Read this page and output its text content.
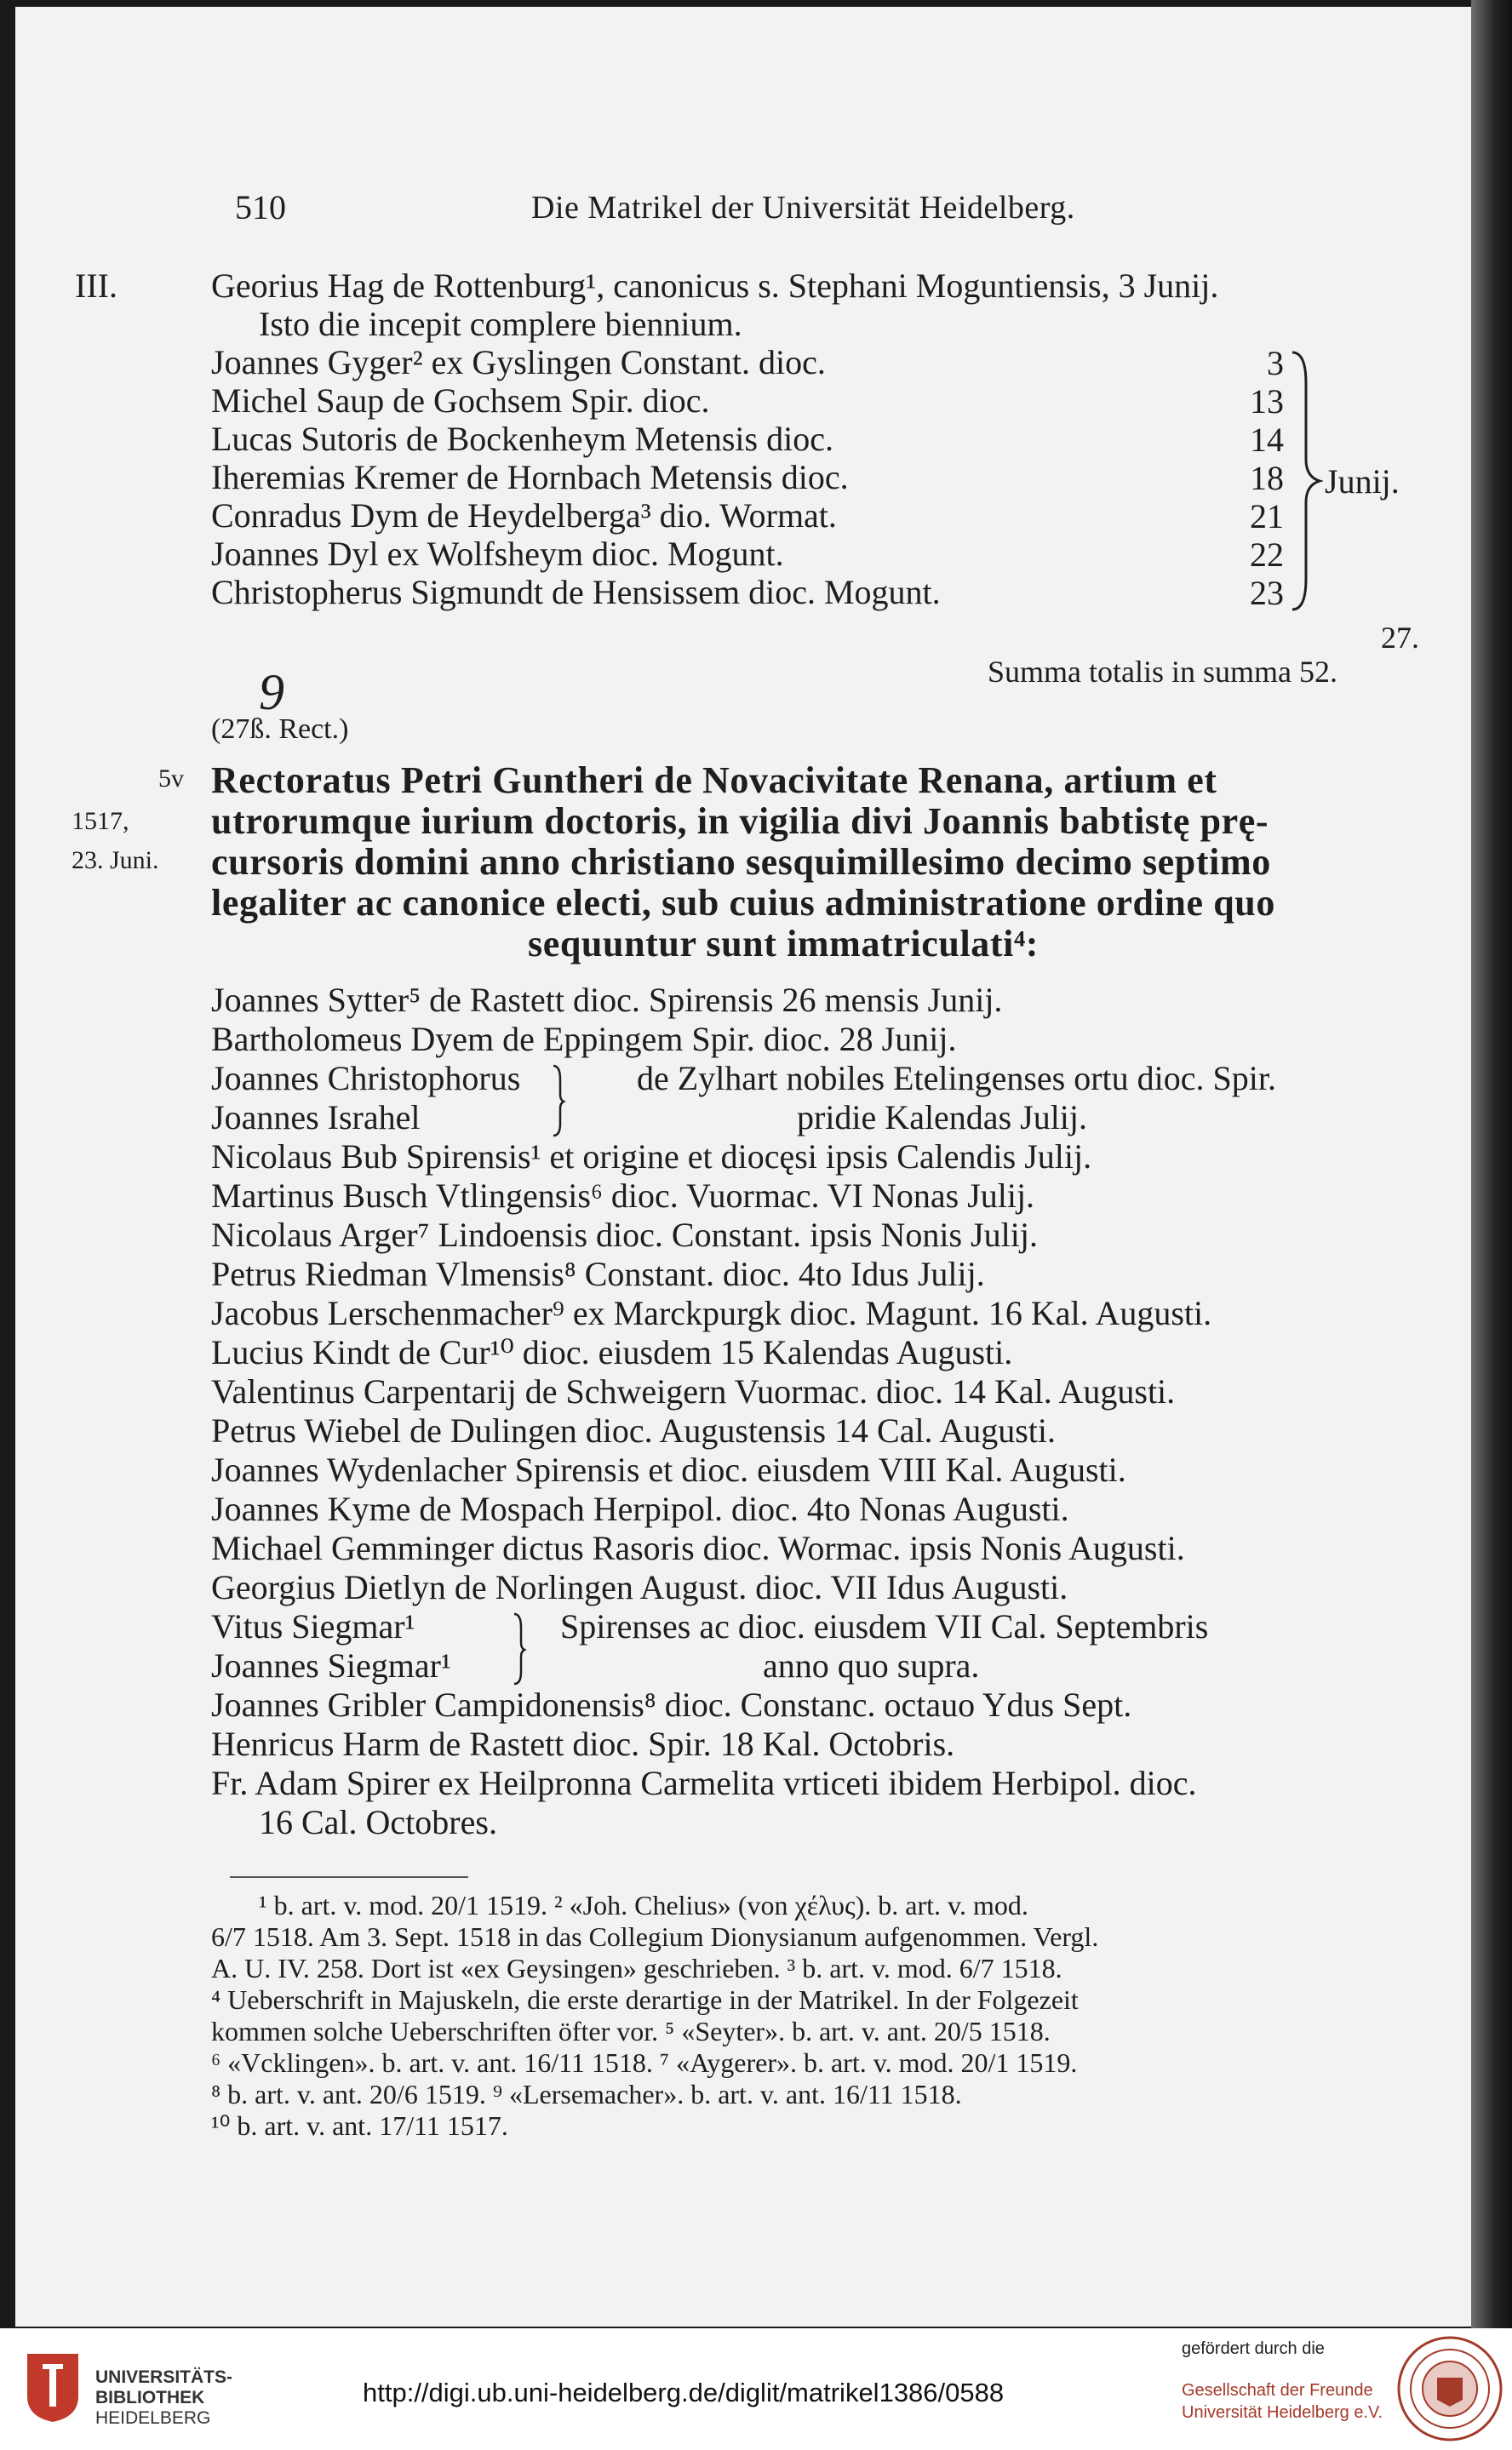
510	Die Matrikel der Universität Heidelberg.
III.	Georius Hag de Rottenburg¹, canonicus s. Stephani Moguntiensis, 3 Junij.
Isto die incepit complere biennium.
Joannes Gyger² ex Gyslingen Constant. dioc.	3
Michel Saup de Gochsem Spir. dioc.	13
Lucas Sutoris de Bockenheym Metensis dioc.	14
Iheremias Kremer de Hornbach Metensis dioc.	18
Conradus Dym de Heydelberga³ dio. Wormat.	21
Joannes Dyl ex Wolfsheym dioc. Mogunt.	22
Christopherus Sigmundt de Hensissem dioc. Mogunt.	23
Junij.
27.
Summa totalis in summa 52.
(27ß. Rect.)
9
5v
1517,
23. Juni.
Rectoratus Petri Guntheri de Novacivitate Renana, artium et
utrorumque iurium doctoris, in vigilia divi Joannis babtistę prę-
cursoris domini anno christiano sesquimillesimo decimo septimo
legaliter ac canonice electi, sub cuius administratione ordine quo
sequuntur sunt immatriculati⁴:
Joannes Sytter⁵ de Rastett dioc. Spirensis 26 mensis Junij.
Bartholomeus Dyem de Eppingem Spir. dioc. 28 Junij.
Joannes Christophorus
Joannes Israhel
de Zylhart nobiles Etelingenses ortu dioc. Spir.
pridie Kalendas Julij.
Nicolaus Bub Spirensis¹ et origine et diocęsi ipsis Calendis Julij.
Martinus Busch Vtlingensis⁶ dioc. Vuormac. VI Nonas Julij.
Nicolaus Arger⁷ Lindoensis dioc. Constant. ipsis Nonis Julij.
Petrus Riedman Vlmensis⁸ Constant. dioc. 4to Idus Julij.
Jacobus Lerschenmacher⁹ ex Marckpurgk dioc. Magunt. 16 Kal. Augusti.
Lucius Kindt de Cur¹⁰ dioc. eiusdem 15 Kalendas Augusti.
Valentinus Carpentarij de Schweigern Vuormac. dioc. 14 Kal. Augusti.
Petrus Wiebel de Dulingen dioc. Augustensis 14 Cal. Augusti.
Joannes Wydenlacher Spirensis et dioc. eiusdem VIII Kal. Augusti.
Joannes Kyme de Mospach Herpipol. dioc. 4to Nonas Augusti.
Michael Gemminger dictus Rasoris dioc. Wormac. ipsis Nonis Augusti.
Georgius Dietlyn de Norlingen August. dioc. VII Idus Augusti.
Vitus Siegmar¹
Joannes Siegmar¹
Spirenses ac dioc. eiusdem VII Cal. Septembris
anno quo supra.
Joannes Gribler Campidonensis⁸ dioc. Constanc. octauo Ydus Sept.
Henricus Harm de Rastett dioc. Spir. 18 Kal. Octobris.
Fr. Adam Spirer ex Heilpronna Carmelita vrticeti ibidem Herbipol. dioc.
16 Cal. Octobres.
¹ b. art. v. mod. 20/1 1519. ² «Joh. Chelius» (von χέλυς). b. art. v. mod.
6/7 1518. Am 3. Sept. 1518 in das Collegium Dionysianum aufgenommen. Vergl.
A. U. IV. 258. Dort ist «ex Geysingen» geschrieben. ³ b. art. v. mod. 6/7 1518.
⁴ Ueberschrift in Majuskeln, die erste derartige in der Matrikel. In der Folgezeit
kommen solche Ueberschriften öfter vor. ⁵ «Seyter». b. art. v. ant. 20/5 1518.
⁶ «Vcklingen». b. art. v. ant. 16/11 1518. ⁷ «Aygerer». b. art. v. mod. 20/1 1519.
⁸ b. art. v. ant. 20/6 1519. ⁹ «Lersemacher». b. art. v. ant. 16/11 1518.
¹⁰ b. art. v. ant. 17/11 1517.
UNIVERSITÄTS-
BIBLIOTHEK
HEIDELBERG
http://digi.ub.uni-heidelberg.de/diglit/matrikel1386/0588
gefördert durch die
Gesellschaft der Freunde
Universität Heidelberg e.V.
